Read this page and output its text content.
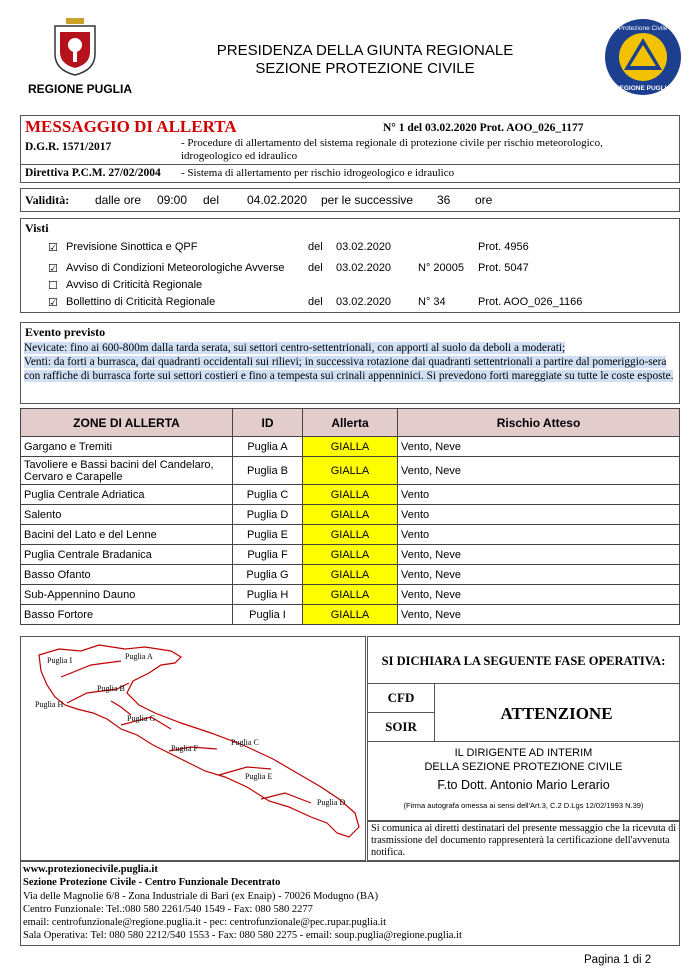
REGIONE PUGLIA
PRESIDENZA DELLA GIUNTA REGIONALE
SEZIONE PROTEZIONE CIVILE
Protezione Civile
REGIONE PUGLIA
MESSAGGIO DI ALLERTA	N° 1 del 03.02.2020 Prot. AOO_026_1177
D.G.R. 1571/2017	- Procedure di allertamento del sistema regionale di protezione civile per rischio meteorologico, idrogeologico ed idraulico
Direttiva P.C.M. 27/02/2004 - Sistema di allertamento per rischio idrogeologico e idraulico
Validità: dalle ore 09:00 del 04.02.2020 per le successive 36 ore
Visti
☑ Previsione Sinottica e QPF	del 03.02.2020	Prot. 4956
☑ Avviso di Condizioni Meteorologiche Avverse del 03.02.2020 N° 20005 Prot. 5047
☐ Avviso di Criticità Regionale
☑ Bollettino di Criticità Regionale	del 03.02.2020 N° 34	Prot. AOO_026_1166
Evento previsto
Nevicate: fino ai 600-800m dalla tarda serata, sui settori centro-settentrionali, con apporti al suolo da deboli a moderati;
Venti: da forti a burrasca, dai quadranti occidentali sui rilievi; in successiva rotazione dai quadranti settentrionali a partire dal pomeriggio-sera con raffiche di burrasca forte sui settori costieri e fino a tempesta sui crinali appenninici. Si prevedono forti mareggiate su tutte le coste esposte.
ZONE DI ALLERTA	ID	Allerta	Rischio Atteso
Gargano e Tremiti	Puglia A	GIALLA	Vento, Neve
Tavoliere e Bassi bacini del Candelaro, Cervaro e Carapelle	Puglia B	GIALLA	Vento, Neve
Puglia Centrale Adriatica	Puglia C	GIALLA	Vento
Salento	Puglia D	GIALLA	Vento
Bacini del Lato e del Lenne	Puglia E	GIALLA	Vento
Puglia Centrale Bradanica	Puglia F	GIALLA	Vento, Neve
Basso Ofanto	Puglia G	GIALLA	Vento, Neve
Sub-Appennino Dauno	Puglia H	GIALLA	Vento, Neve
Basso Fortore	Puglia I	GIALLA	Vento, Neve
Puglia I	Puglia A
Puglia B
Puglia H
Puglia G
Puglia F
Puglia C
Puglia E
Puglia D
SI DICHIARA LA SEGUENTE FASE OPERATIVA:
CFD
SOIR
ATTENZIONE
IL DIRIGENTE AD INTERIM
DELLA SEZIONE PROTEZIONE CIVILE
F.to Dott. Antonio Mario Lerario
(Firma autografa omessa ai sensi dell'Art.3, C.2 D.Lgs 12/02/1993 N.39)
Si comunica ai diretti destinatari del presente messaggio che la ricevuta di trasmissione del documento rappresenterà la certificazione dell'avvenuta notifica.
www.protezionecivile.puglia.it
Sezione Protezione Civile - Centro Funzionale Decentrato
Via delle Magnolie 6/8 - Zona Industriale di Bari (ex Enaip) - 70026 Modugno (BA)
Centro Funzionale: Tel.:080 580 2261/540 1549 - Fax: 080 580 2277
email: centrofunzionale@regione.puglia.it - pec: centrofunzionale@pec.rupar.puglia.it
Sala Operativa: Tel: 080 580 2212/540 1553 - Fax: 080 580 2275 - email: soup.puglia@regione.puglia.it
Pagina 1 di 2
